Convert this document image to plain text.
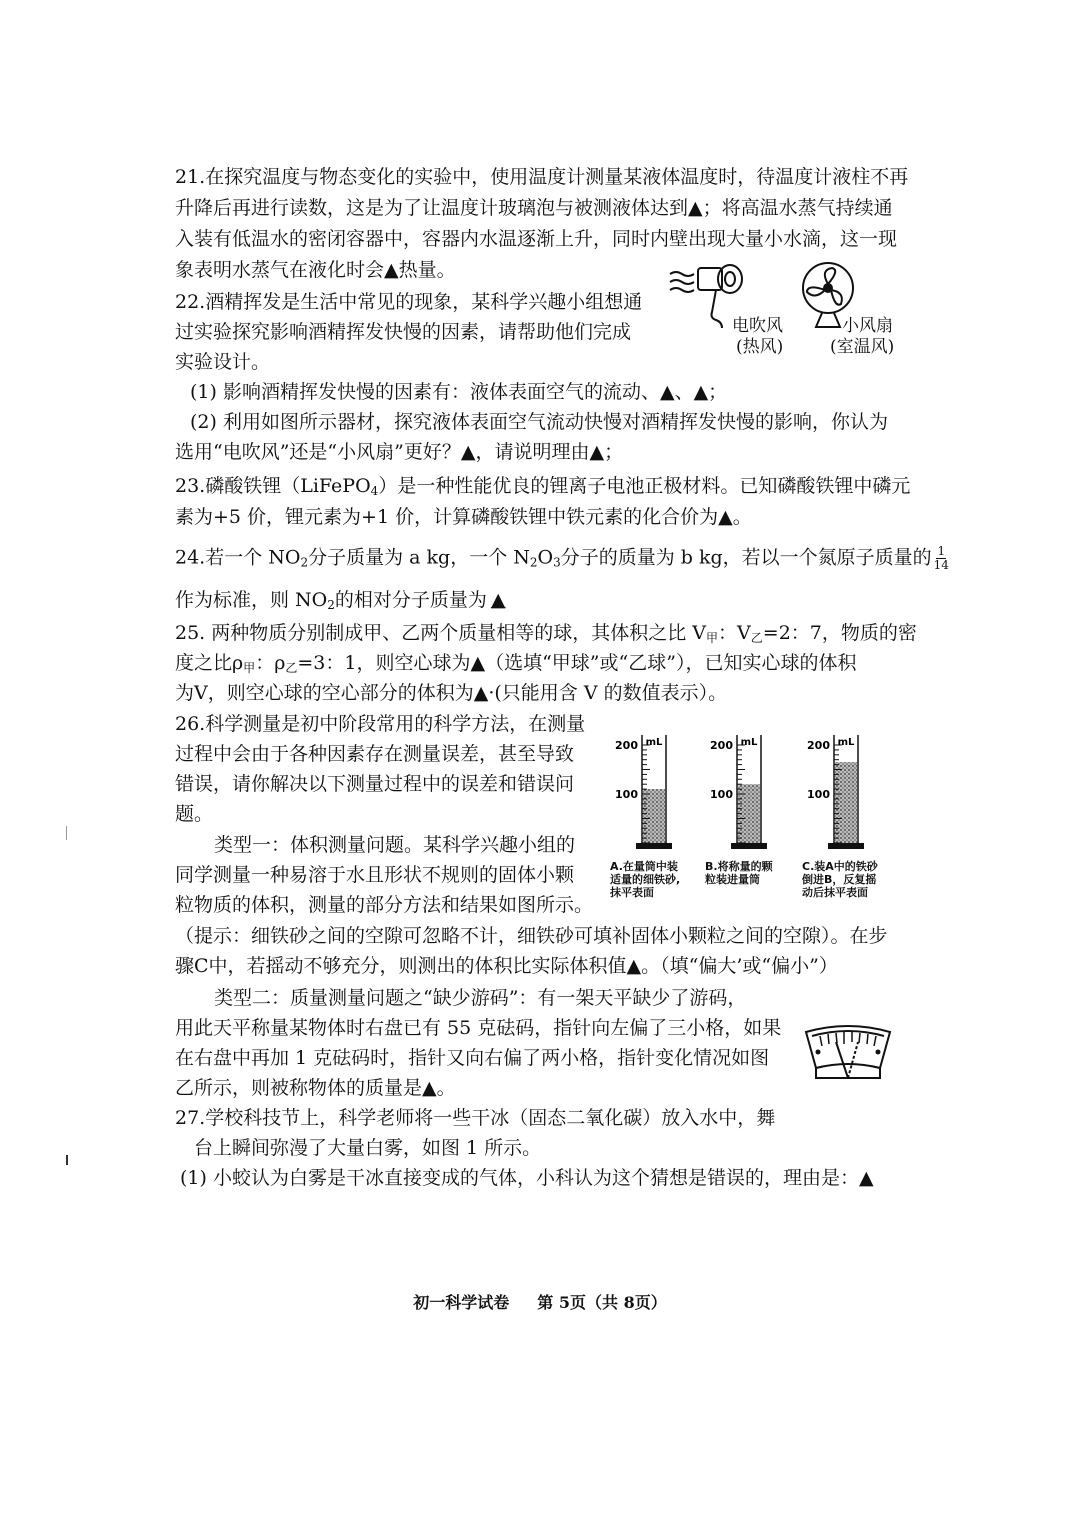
21.在探究温度与物态变化的实验中，使用温度计测量某液体温度时，待温度计液柱不再
升降后再进行读数，这是为了让温度计玻璃泡与被测液体达到▲；将高温水蒸气持续通
入装有低温水的密闭容器中，容器内水温逐渐上升，同时内壁出现大量小水滴，这一现
象表明水蒸气在液化时会▲热量。
22.酒精挥发是生活中常见的现象，某科学兴趣小组想通
过实验探究影响酒精挥发快慢的因素，请帮助他们完成
实验设计。
电吹风
(热风)
小风扇
(室温风)
(1) 影响酒精挥发快慢的因素有：液体表面空气的流动、▲、▲；
(2) 利用如图所示器材，探究液体表面空气流动快慢对酒精挥发快慢的影响，你认为
选用“电吹风”还是“小风扇”更好？▲，请说明理由▲；
23.磷酸铁锂（LiFePO$_4$）是一种性能优良的锂离子电池正极材料。已知磷酸铁锂中磷元
素为+5 价，锂元素为+1 价，计算磷酸铁锂中铁元素的化合价为▲。
24.若一个 $NO_2$分子质量为 a kg，一个 $N_2O_3$分子的质量为 b kg，若以一个氮原子质量的 $\frac{1}{14}$
作为标准，则 $NO_2$的相对分子质量为 ▲
25. 两种物质分别制成甲、乙两个质量相等的球，其体积之比 $V_甲$：$V_乙=2$：7，物质的密
度之比$\rho_甲$：$\rho_乙=3$：1，则空心球为▲（选填“甲球”或“乙球”），已知实心球的体积
为V，则空心球的空心部分的体积为▲·(只能用含 V 的数值表示）。
26.科学测量是初中阶段常用的科学方法，在测量
过程中会由于各种因素存在测量误差，甚至导致
错误，请你解决以下测量过程中的误差和错误问
题。
类型一：体积测量问题。某科学兴趣小组的
同学测量一种易溶于水且形状不规则的固体小颗
粒物质的体积，测量的部分方法和结果如图所示。
（提示：细铁砂之间的空隙可忽略不计，细铁砂可填补固体小颗粒之间的空隙）。在步
骤C中，若摇动不够充分，则测出的体积比实际体积值▲。（填“偏大’或“偏小”）
类型二：质量测量问题之“缺少游码”：有一架天平缺少了游码，
用此天平称量某物体时右盘已有 55 克砝码，指针向左偏了三小格，如果
在右盘中再加 1 克砝码时，指针又向右偏了两小格，指针变化情况如图
乙所示，则被称物体的质量是▲。
200
100
mL	200
100
mL	200
100
mL
A.在量筒中装
适量的细铁砂,
抹平表面
B.将称量的颗
粒装进量筒
C.装A中的铁砂
倒进B，反复摇
动后抹平表面
27.学校科技节上，科学老师将一些干冰（固态二氧化碳）放入水中，舞
台上瞬间弥漫了大量白雾，如图 1 所示。
(1) 小蛟认为白雾是干冰直接变成的气体，小科认为这个猜想是错误的，理由是：▲
初一科学试卷 第 5页（共 8页）
